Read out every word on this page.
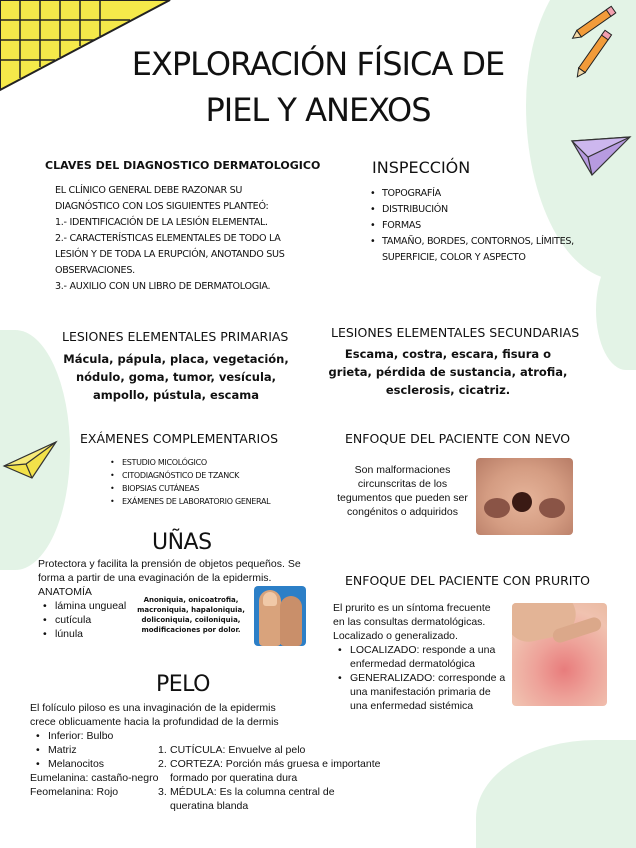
EXPLORACIÓN FÍSICA DE
PIEL Y ANEXOS
CLAVES DEL DIAGNOSTICO DERMATOLOGICO
EL CLÍNICO GENERAL DEBE RAZONAR SU
DIAGNÓSTICO CON LOS SIGUIENTES PLANTEÓ:
1.- IDENTIFICACIÓN DE LA LESIÓN ELEMENTAL.
2.- CARACTERÍSTICAS ELEMENTALES DE TODO LA
LESIÓN Y DE TODA LA ERUPCIÓN, ANOTANDO SUS
OBSERVACIONES.
3.- AUXILIO CON UN LIBRO DE DERMATOLOGIA.
INSPECCIÓN
• TOPOGRAFÍA
• DISTRIBUCIÓN
• FORMAS
• TAMAÑO, BORDES, CONTORNOS, LÍMITES,
SUPERFICIE, COLOR Y ASPECTO
LESIONES ELEMENTALES PRIMARIAS
Mácula, pápula, placa, vegetación,
nódulo, goma, tumor, vesícula,
ampollo, pústula, escama
LESIONES ELEMENTALES SECUNDARIAS
Escama, costra, escara, fisura o
grieta, pérdida de sustancia, atrofia,
esclerosis, cicatriz.
EXÁMENES COMPLEMENTARIOS
• ESTUDIO MICOLÓGICO
• CITODIAGNÓSTICO DE TZANCK
• BIOPSIAS CUTÁNEAS
• EXÁMENES DE LABORATORIO GENERAL
ENFOQUE DEL PACIENTE CON NEVO
Son malformaciones
circunscritas de los
tegumentos que pueden ser
congénitos o adquiridos
UÑAS
Protectora y facilita la prensión de objetos pequeños. Se
forma a partir de una evaginación de la epidermis.
ANATOMÍA
• lámina ungueal
• cutícula
• lúnula
Anoniquia, onicoatrofia,
macroniquia, hapaloniquia,
doliconiquia, coiloniquia,
modificaciones por dolor.
ENFOQUE DEL PACIENTE CON PRURITO
El prurito es un síntoma frecuente
en las consultas dermatológicas.
Localizado o generalizado.
• LOCALIZADO: responde a una
enfermedad dermatológica
• GENERALIZADO: corresponde a
una manifestación primaria de
una enfermedad sistémica
PELO
El folículo piloso es una invaginación de la epidermis
crece oblicuamente hacia la profundidad de la dermis
• Inferior: Bulbo
• Matriz
• Melanocitos
Eumelanina: castaño-negro
Feomelanina: Rojo
1. CUTÍCULA: Envuelve al pelo
2. CORTEZA: Porción más gruesa e importante
formado por queratina dura
3. MÉDULA: Es la columna central de
queratina blanda
